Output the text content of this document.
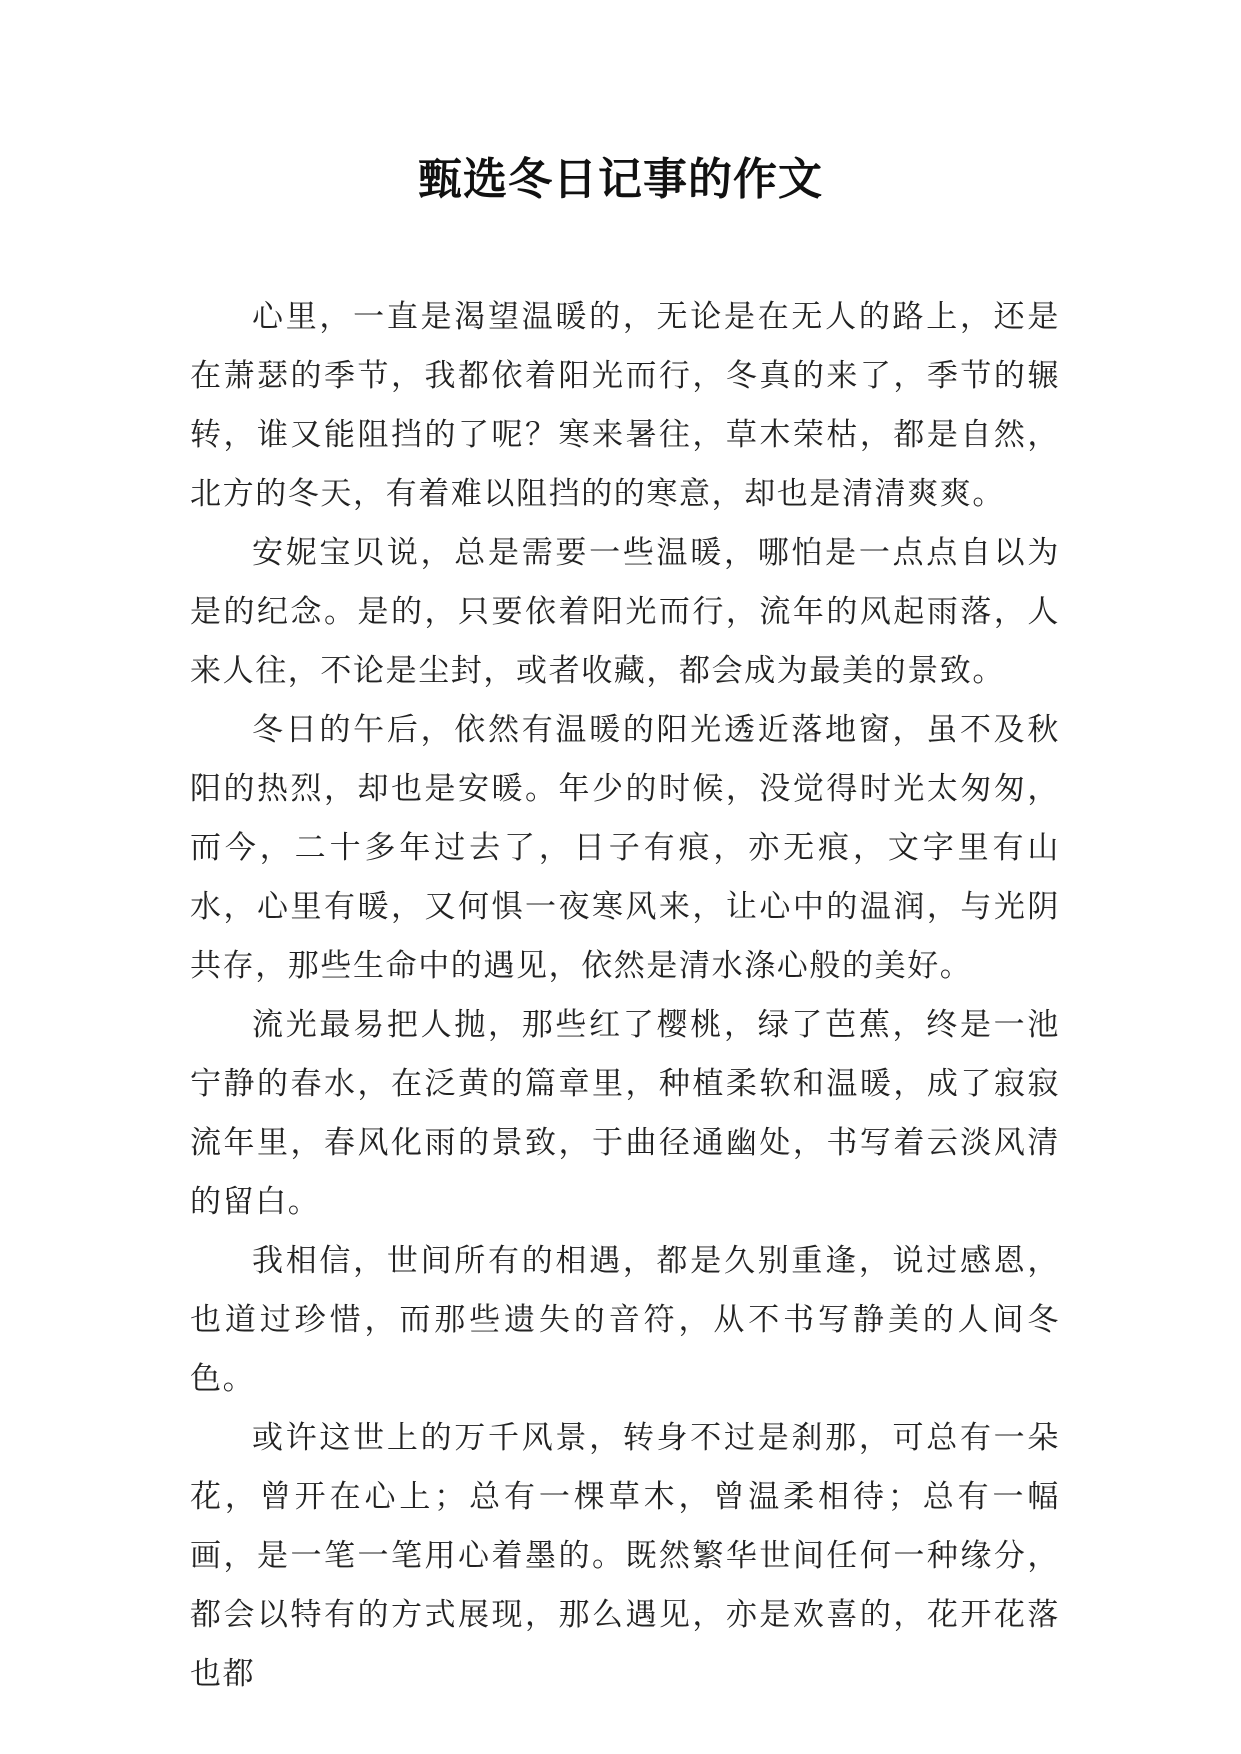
甄选冬日记事的作文

心里，一直是渴望温暖的，无论是在无人的路上，还是在萧瑟的季节，我都依着阳光而行，冬真的来了，季节的辗转，谁又能阻挡的了呢？寒来暑往，草木荣枯，都是自然，北方的冬天，有着难以阻挡的的寒意，却也是清清爽爽。

安妮宝贝说，总是需要一些温暖，哪怕是一点点自以为是的纪念。是的，只要依着阳光而行，流年的风起雨落，人来人往，不论是尘封，或者收藏，都会成为最美的景致。

冬日的午后，依然有温暖的阳光透近落地窗，虽不及秋阳的热烈，却也是安暖。年少的时候，没觉得时光太匆匆，而今，二十多年过去了，日子有痕，亦无痕，文字里有山水，心里有暖，又何惧一夜寒风来，让心中的温润，与光阴共存，那些生命中的遇见，依然是清水涤心般的美好。

流光最易把人抛，那些红了樱桃，绿了芭蕉，终是一池宁静的春水，在泛黄的篇章里，种植柔软和温暖，成了寂寂流年里，春风化雨的景致，于曲径通幽处，书写着云淡风清的留白。

我相信，世间所有的相遇，都是久别重逢，说过感恩，也道过珍惜，而那些遗失的音符，从不书写静美的人间冬色。

或许这世上的万千风景，转身不过是刹那，可总有一朵花，曾开在心上；总有一棵草木，曾温柔相待；总有一幅画，是一笔一笔用心着墨的。既然繁华世间任何一种缘分，都会以特有的方式展现，那么遇见，亦是欢喜的，花开花落也都
